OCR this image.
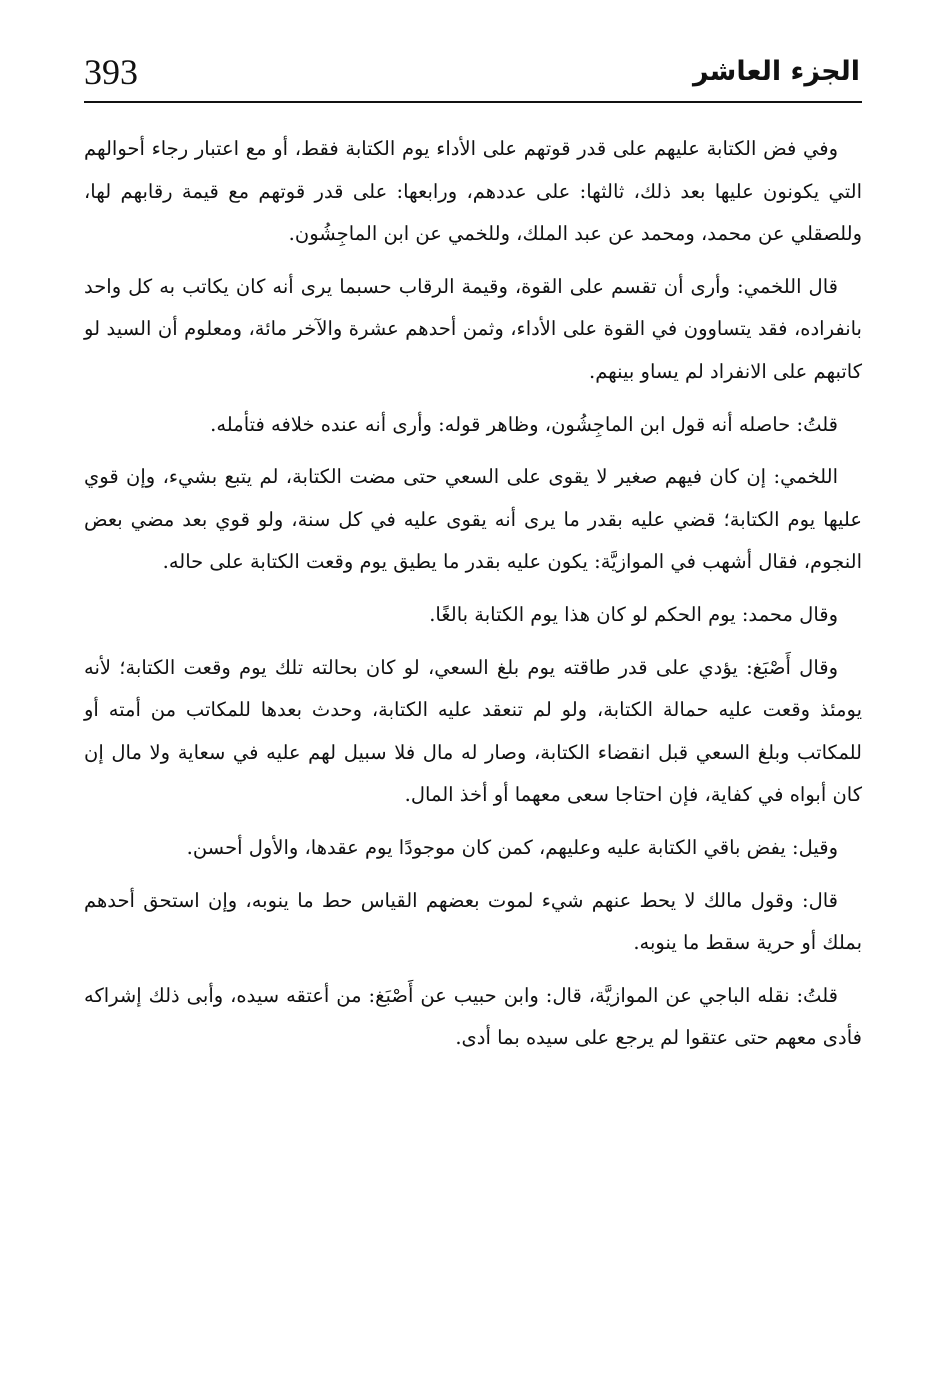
393	الجزء العاشر

وفي فض الكتابة عليهم على قدر قوتهم على الأداء يوم الكتابة فقط، أو مع اعتبار رجاء أحوالهم التي يكونون عليها بعد ذلك، ثالثها: على عددهم، ورابعها: على قدر قوتهم مع قيمة رقابهم لها، وللصقلي عن محمد، ومحمد عن عبد الملك، وللخمي عن ابن الماجِشُون.

قال اللخمي: وأرى أن تقسم على القوة، وقيمة الرقاب حسبما يرى أنه كان يكاتب به كل واحد بانفراده، فقد يتساوون في القوة على الأداء، وثمن أحدهم عشرة والآخر مائة، ومعلوم أن السيد لو كاتبهم على الانفراد لم يساو بينهم.

قلتُ: حاصله أنه قول ابن الماجِشُون، وظاهر قوله: وأرى أنه عنده خلافه فتأمله.

اللخمي: إن كان فيهم صغير لا يقوى على السعي حتى مضت الكتابة، لم يتبع بشيء، وإن قوي عليها يوم الكتابة؛ قضي عليه بقدر ما يرى أنه يقوى عليه في كل سنة، ولو قوي بعد مضي بعض النجوم، فقال أشهب في الموازيَّة: يكون عليه بقدر ما يطيق يوم وقعت الكتابة على حاله.

وقال محمد: يوم الحكم لو كان هذا يوم الكتابة بالغًا.

وقال أَصْبَغ: يؤدي على قدر طاقته يوم بلغ السعي، لو كان بحالته تلك يوم وقعت الكتابة؛ لأنه يومئذ وقعت عليه حمالة الكتابة، ولو لم تنعقد عليه الكتابة، وحدث بعدها للمكاتب من أمته أو للمكاتب وبلغ السعي قبل انقضاء الكتابة، وصار له مال فلا سبيل لهم عليه في سعاية ولا مال إن كان أبواه في كفاية، فإن احتاجا سعى معهما أو أخذ المال.

وقيل: يفض باقي الكتابة عليه وعليهم، كمن كان موجودًا يوم عقدها، والأول أحسن.

قال: وقول مالك لا يحط عنهم شيء لموت بعضهم القياس حط ما ينوبه، وإن استحق أحدهم بملك أو حرية سقط ما ينوبه.

قلتُ: نقله الباجي عن الموازيَّة، قال: وابن حبيب عن أَصْبَغ: من أعتقه سيده، وأبى ذلك إشراكه فأدى معهم حتى عتقوا لم يرجع على سيده بما أدى.
